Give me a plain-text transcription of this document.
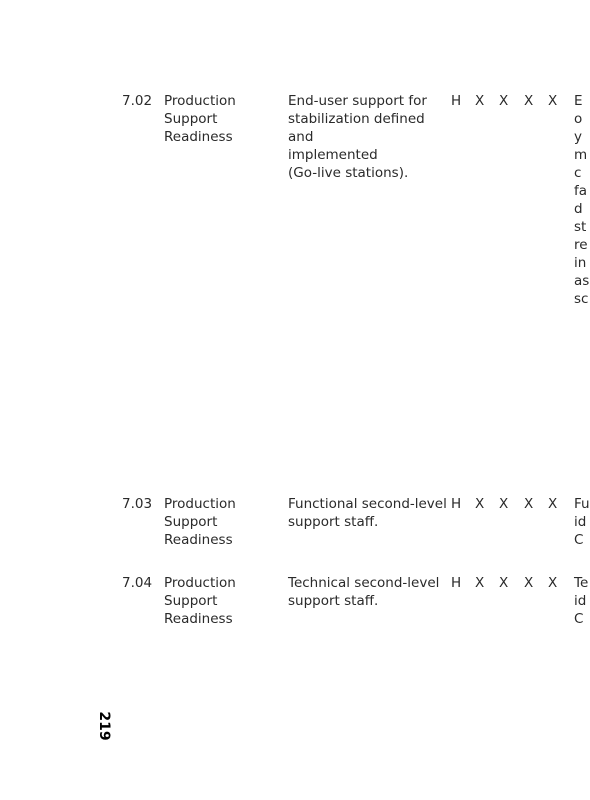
7.02 Production
Support
Readiness
End-user support for
stabilization defined and
implemented
(Go-live stations).
H X X X X E
o
y
m
c
fa
d
st
re
in
as
sc
7.03 Production
Support
Readiness
Functional second-level
support staff.
H X X X X Fu
id
C
7.04 Production
Support
Readiness
Technical second-level
support staff.
H X X X X Te
id
C
219
